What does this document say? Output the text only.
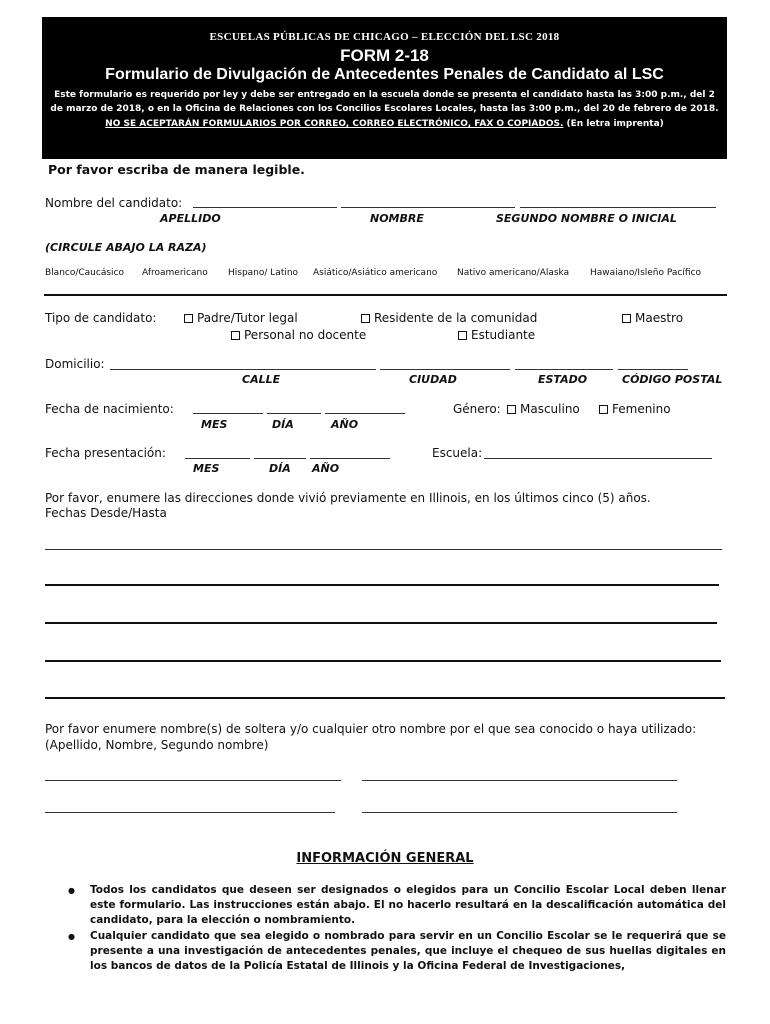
ESCUELAS PÚBLICAS DE CHICAGO – ELECCIÓN DEL LSC 2018
FORM 2-18
Formulario de Divulgación de Antecedentes Penales de Candidato al LSC
Este formulario es requerido por ley y debe ser entregado en la escuela donde se presenta el candidato hasta las 3:00 p.m., del 2 de marzo de 2018, o en la Oficina de Relaciones con los Concilios Escolares Locales, hasta las 3:00 p.m., del 20 de febrero de 2018.
NO SE ACEPTARÁN FORMULARIOS POR CORREO, CORREO ELECTRÓNICO, FAX O COPIADOS. (En letra imprenta)
Por favor escriba de manera legible.
Nombre del candidato:
APELLIDO	NOMBRE	SEGUNDO NOMBRE O INICIAL
(CIRCULE ABAJO LA RAZA)
Blanco/Caucásico Afroamericano Hispano/ Latino Asiático/Asiático americano Nativo americano/Alaska Hawaiano/Isleño Pacífico
Tipo de candidato:	Padre/Tutor legal	Residente de la comunidad	Maestro
Personal no docente	Estudiante
Domicilio:
CALLE	CIUDAD	ESTADO	CÓDIGO POSTAL
Fecha de nacimiento:
MES	DÍA	AÑO
Género:	Masculino	Femenino
Fecha presentación:
MES	DÍA AÑO
Escuela:
Por favor, enumere las direcciones donde vivió previamente en Illinois, en los últimos cinco (5) años.
Fechas Desde/Hasta
Por favor enumere nombre(s) de soltera y/o cualquier otro nombre por el que sea conocido o haya utilizado:
(Apellido, Nombre, Segundo nombre)
INFORMACIÓN GENERAL
● Todos los candidatos que deseen ser designados o elegidos para un Concilio Escolar Local deben llenar este formulario. Las instrucciones están abajo. El no hacerlo resultará en la descalificación automática del candidato, para la elección o nombramiento.
● Cualquier candidato que sea elegido o nombrado para servir en un Concilio Escolar se le requerirá que se presente a una investigación de antecedentes penales, que incluye el chequeo de sus huellas digitales en los bancos de datos de la Policía Estatal de Illinois y la Oficina Federal de Investigaciones,
